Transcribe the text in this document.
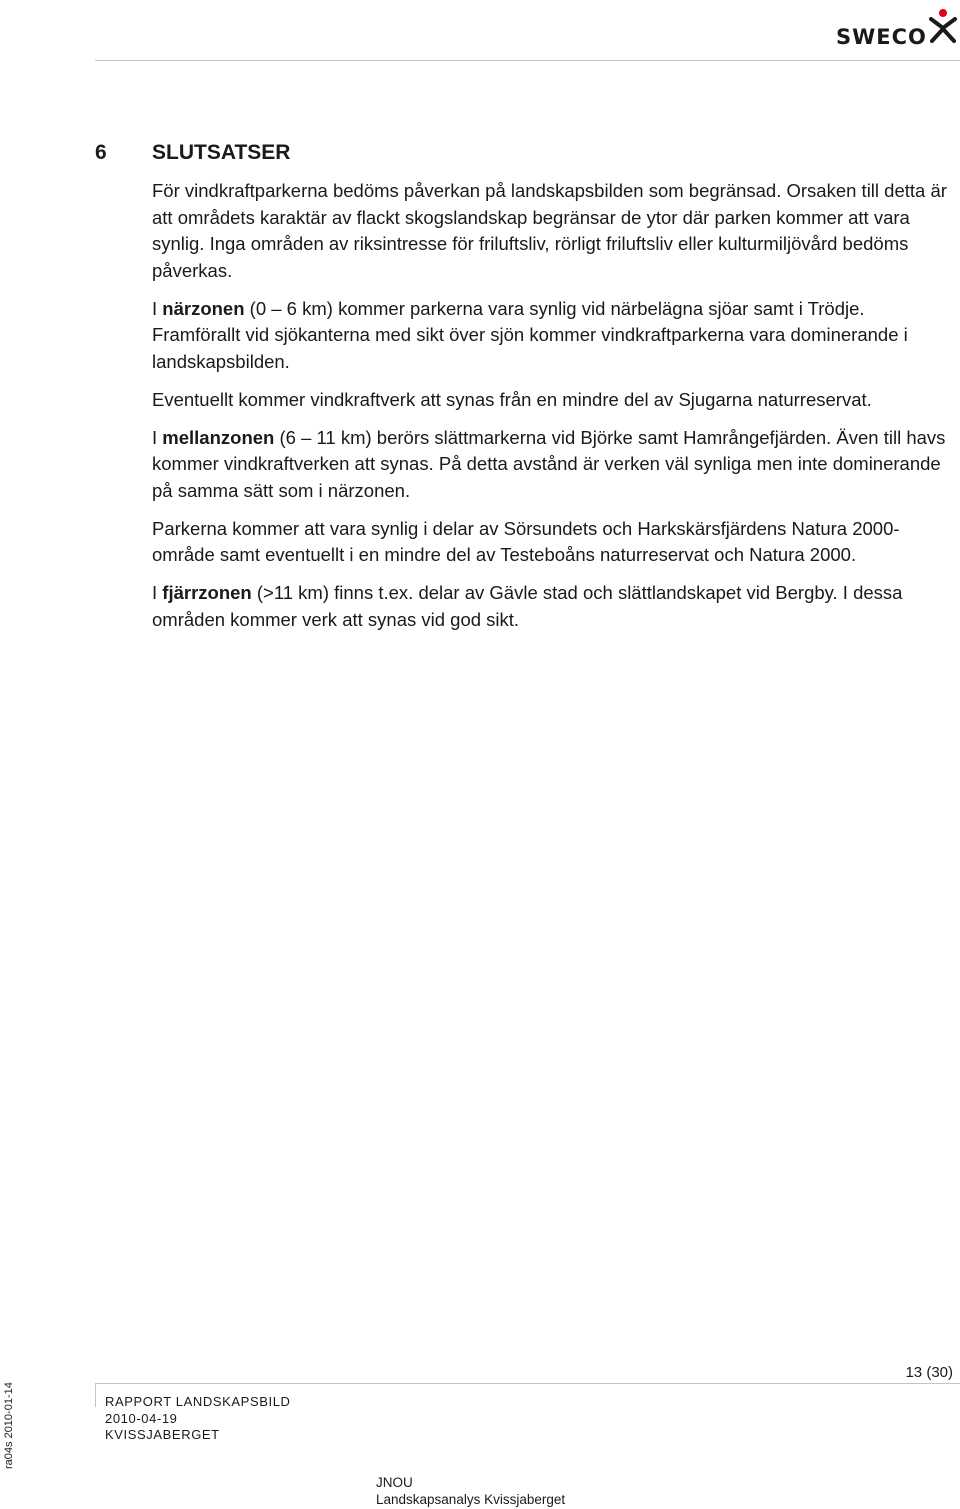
SWECO
6 SLUTSATSER

För vindkraftparkerna bedöms påverkan på landskapsbilden som begränsad. Orsaken till detta är att områdets karaktär av flackt skogslandskap begränsar de ytor där parken kommer att vara synlig. Inga områden av riksintresse för friluftsliv, rörligt friluftsliv eller kulturmiljövård bedöms påverkas.

I närzonen (0 – 6 km) kommer parkerna vara synlig vid närbelägna sjöar samt i Trödje. Framförallt vid sjökanterna med sikt över sjön kommer vindkraftparkerna vara dominerande i landskapsbilden.

Eventuellt kommer vindkraftverk att synas från en mindre del av Sjugarna naturreservat.

I mellanzonen (6 – 11 km) berörs slättmarkerna vid Björke samt Hamrångefjärden. Även till havs kommer vindkraftverken att synas. På detta avstånd är verken väl synliga men inte dominerande på samma sätt som i närzonen.

Parkerna kommer att vara synlig i delar av Sörsundets och Harkskärsfjärdens Natura 2000-område samt eventuellt i en mindre del av Testeboåns naturreservat och Natura 2000.

I fjärrzonen (>11 km) finns t.ex. delar av Gävle stad och slättlandskapet vid Bergby. I dessa områden kommer verk att synas vid god sikt.

13 (30)
RAPPORT LANDSKAPSBILD
2010-04-19
KVISSJABERGET
JNOU
Landskapsanalys Kvissjaberget
ra04s 2010-01-14
